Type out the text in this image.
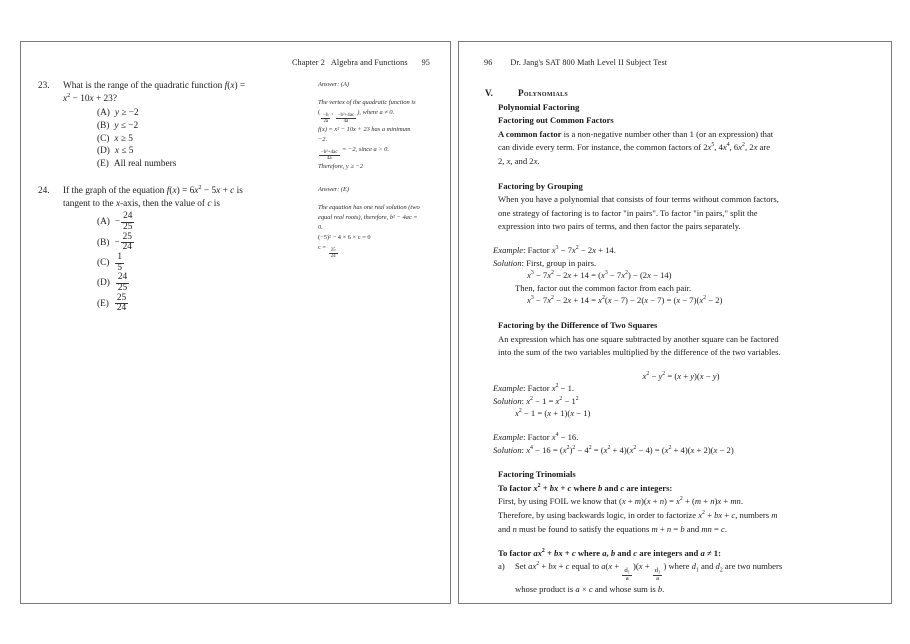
Chapter 2 Algebra and Functions 95
23. What is the range of the quadratic function f(x) =
$x^2 - 10x + 23$?
(A) y ≥ −2
(B) y ≤ −2
(C) x ≥ 5
(D) x ≤ 5
(E) All real numbers
Answer: (A)
The vertex of the quadratic function is
(
$\frac{-b}{2a}$
,
$\frac{\text{−b²+4ac}}{4a}$
), where a ≠ 0.
f(x) = x² − 10x + 23 has a minimum
−2.
$\frac{\text{−b²+4ac}}{4a}$
= −2, since a > 0.
Therefore, y ≥ −2
24. If the graph of the equation $f(x) = 6x^2 - 5x + c$ is
tangent to the x-axis, then the value of c is
$(A) - \frac{24}{25}$
$(B) - \frac{25}{24}$
$(C) \frac{1}{5}$
$(D) \frac{24}{25}$
$(E) \frac{25}{24}$
Answer: (E)
The equation has one real solution (two
equal real roots), therefore, b² − 4ac =
0.
(−5)² − 4 × 6 × c = 0
c =
$\frac{25}{24}$
96 Dr. Jang's SAT 800 Math Level II Subject Test
V.	Polynomials
Polynomial Factoring
Factoring out Common Factors
A common factor is a non-negative number other than 1 (or an expression) that
can divide every term. For instance, the common factors of $2x^5$, $4x^4$, $6x^2$, 2x are
2, x, and 2x.
Factoring by Grouping
When you have a polynomial that consists of four terms without common factors,
one strategy of factoring is to factor "in pairs". To factor "in pairs," split the
expression into two pairs of terms, and then factor the pairs separately.
Example: Factor $x^3 - 7x^2 - 2x + 14$.
Solution: First, group in pairs.
$x^3 - 7x^2 - 2x + 14 = (x^3 - 7x^2) - (2x - 14)$
Then, factor out the common factor from each pair.
$x^3 - 7x^2 - 2x + 14 = x^2(x - 7) - 2(x - 7) = (x - 7)(x^2 - 2)$
Factoring by the Difference of Two Squares
An expression which has one square subtracted by another square can be factored
into the sum of the two variables multiplied by the difference of the two variables.
$x^2 - y^2 = (x + y)(x - y)$
Example: Factor $x^2 - 1$.
Solution: $x^2 - 1 = x^2 - 1^2$
$x^2 - 1 = (x + 1)(x - 1)$
Example: Factor $x^4 - 16$.
Solution: $x^4 - 16 = (x^2)^2 - 4^2 = (x^2 + 4)(x^2 - 4) = (x^2 + 4)(x + 2)(x - 2)$
Factoring Trinomials
To factor $x^2$ + bx + c where b and c are integers:
First, by using FOIL we know that $(x + m)(x + n) = x^2 + (m + n)x$ + mn.
Therefore, by using backwards logic, in order to factorize $x^2$ + bx + c, numbers m
and n must be found to satisfy the equations m + n = b and mn = c.
To factor $ax^2$ + bx + c where a, b and c are integers and a ≠ 1:
a)	Set $ax^2$ + bx + c equal to a(x +
$\frac{\text{d₁}}{a}$
)(x +
$\frac{\text{d₂}}{a}$
) where $d_1$ and $d_2$ are two numbers
whose product is a × c and whose sum is b.
